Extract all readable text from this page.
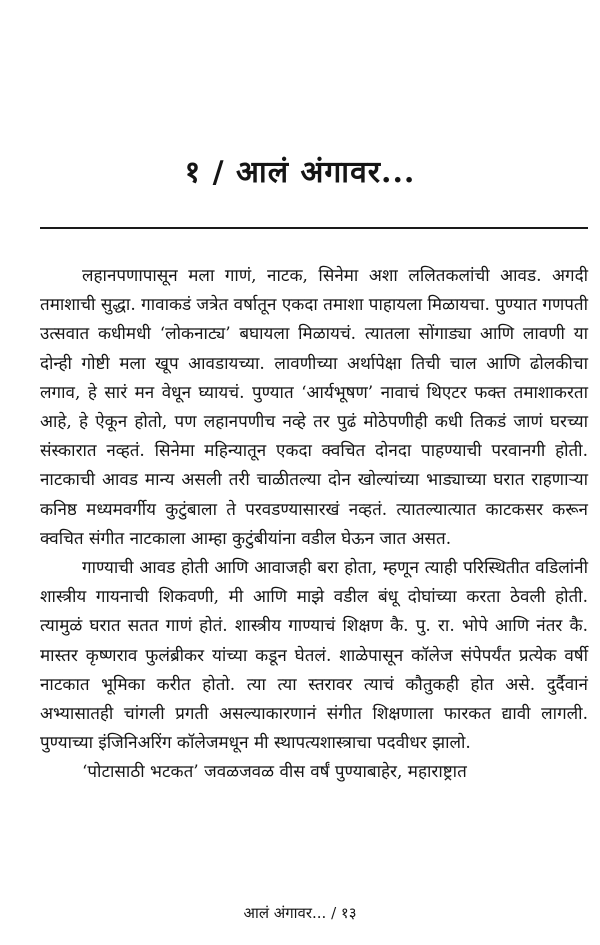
१ / आलं अंगावर...

लहानपणापासून मला गाणं, नाटक, सिनेमा अशा ललितकलांची आवड. अगदी तमाशाची सुद्धा. गावाकडं जत्रेत वर्षातून एकदा तमाशा पाहायला मिळायचा. पुण्यात गणपती उत्सवात कधीमधी ‘लोकनाट्य’ बघायला मिळायचं. त्यातला सोंगाड्या आणि लावणी या दोन्ही गोष्टी मला खूप आवडायच्या. लावणीच्या अर्थापेक्षा तिची चाल आणि ढोलकीचा लगाव, हे सारं मन वेधून घ्यायचं. पुण्यात ‘आर्यभूषण’ नावाचं थिएटर फक्त तमाशाकरता आहे, हे ऐकून होतो, पण लहानपणीच नव्हे तर पुढं मोठेपणीही कधी तिकडं जाणं घरच्या संस्कारात नव्हतं. सिनेमा महिन्यातून एकदा क्वचित दोनदा पाहण्याची परवानगी होती. नाटकाची आवड मान्य असली तरी चाळीतल्या दोन खोल्यांच्या भाड्याच्या घरात राहणाऱ्या कनिष्ठ मध्यमवर्गीय कुटुंबाला ते परवडण्यासारखं नव्हतं. त्यातल्यात्यात काटकसर करून क्वचित संगीत नाटकाला आम्हा कुटुंबीयांना वडील घेऊन जात असत.

गाण्याची आवड होती आणि आवाजही बरा होता, म्हणून त्याही परिस्थितीत वडिलांनी शास्त्रीय गायनाची शिकवणी, मी आणि माझे वडील बंधू दोघांच्या करता ठेवली होती. त्यामुळं घरात सतत गाणं होतं. शास्त्रीय गाण्याचं शिक्षण कै. पु. रा. भोपे आणि नंतर कै. मास्तर कृष्णराव फुलंब्रीकर यांच्या कडून घेतलं. शाळेपासून कॉलेज संपेपर्यंत प्रत्येक वर्षी नाटकात भूमिका करीत होतो. त्या त्या स्तरावर त्याचं कौतुकही होत असे. दुर्दैवानं अभ्यासातही चांगली प्रगती असल्याकारणानं संगीत शिक्षणाला फारकत द्यावी लागली. पुण्याच्या इंजिनिअरिंग कॉलेजमधून मी स्थापत्यशास्त्राचा पदवीधर झालो.

‘पोटासाठी भटकत’ जवळजवळ वीस वर्षं पुण्याबाहेर, महाराष्ट्रात

आलं अंगावर... / १३
